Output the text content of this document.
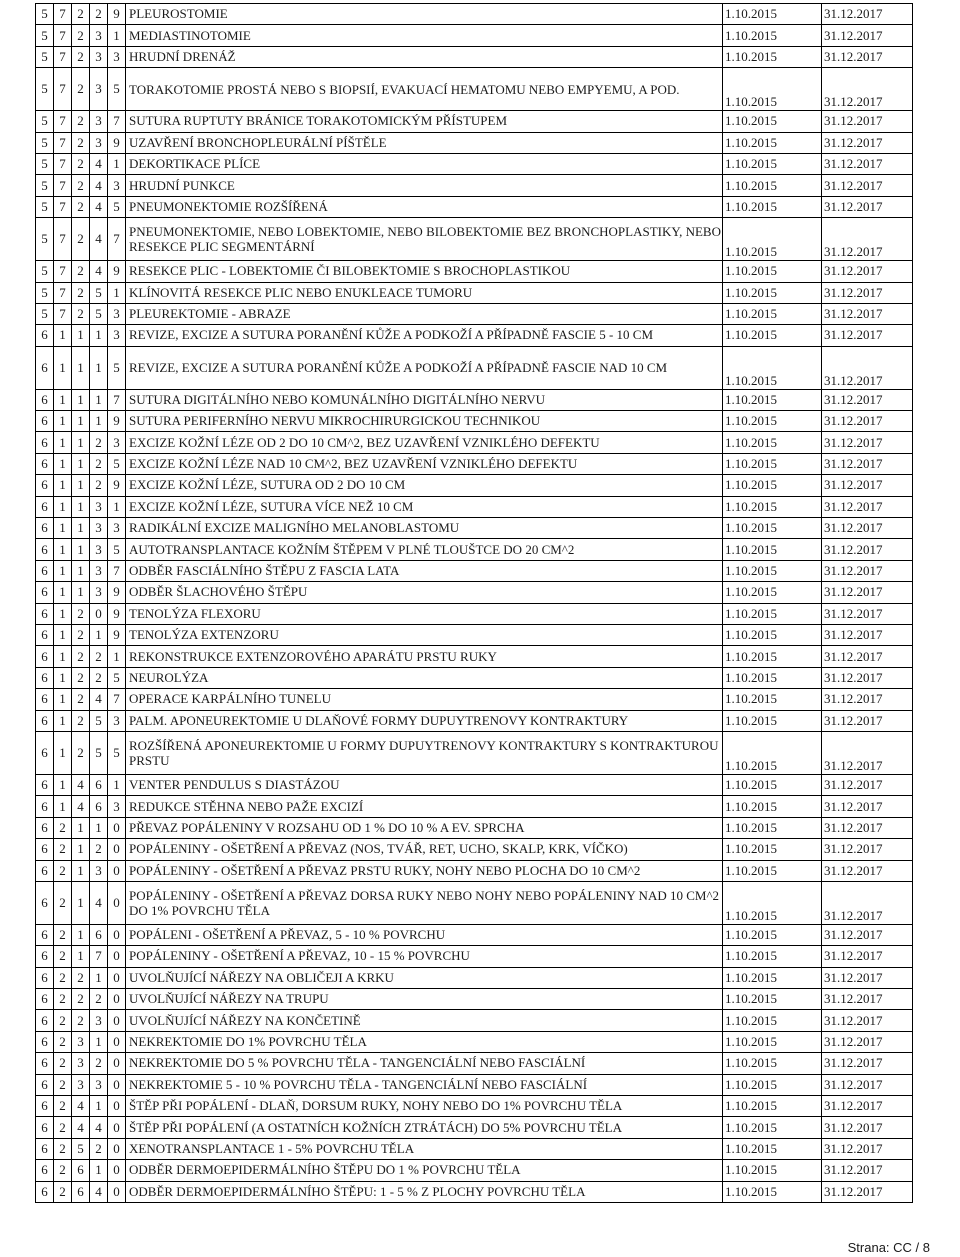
5	7	2	2	9	PLEUROSTOMIE	1.10.2015	31.12.2017
5	7	2	3	1	MEDIASTINOTOMIE	1.10.2015	31.12.2017
5	7	2	3	3	HRUDNÍ DRENÁŽ	1.10.2015	31.12.2017
5	7	2	3	5	TORAKOTOMIE PROSTÁ NEBO S BIOPSIÍ, EVAKUACÍ HEMATOMU NEBO EMPYEMU, A POD.	1.10.2015	31.12.2017
5	7	2	3	7	SUTURA RUPTUTY BRÁNICE TORAKOTOMICKÝM PŘÍSTUPEM	1.10.2015	31.12.2017
5	7	2	3	9	UZAVŘENÍ BRONCHOPLEURÁLNÍ PÍŠTĚLE	1.10.2015	31.12.2017
5	7	2	4	1	DEKORTIKACE PLÍCE	1.10.2015	31.12.2017
5	7	2	4	3	HRUDNÍ PUNKCE	1.10.2015	31.12.2017
5	7	2	4	5	PNEUMONEKTOMIE ROZŠÍŘENÁ	1.10.2015	31.12.2017
5	7	2	4	7	PNEUMONEKTOMIE, NEBO LOBEKTOMIE, NEBO BILOBEKTOMIE BEZ BRONCHOPLASTIKY, NEBO RESEKCE PLIC SEGMENTÁRNÍ	1.10.2015	31.12.2017
5	7	2	4	9	RESEKCE PLIC - LOBEKTOMIE ČI BILOBEKTOMIE S BROCHOPLASTIKOU	1.10.2015	31.12.2017
5	7	2	5	1	KLÍNOVITÁ RESEKCE PLIC NEBO ENUKLEACE TUMORU	1.10.2015	31.12.2017
5	7	2	5	3	PLEUREKTOMIE - ABRAZE	1.10.2015	31.12.2017
6	1	1	1	3	REVIZE, EXCIZE A SUTURA PORANĚNÍ KŮŽE A PODKOŽÍ A PŘÍPADNĚ FASCIE 5 - 10 CM	1.10.2015	31.12.2017
6	1	1	1	5	REVIZE, EXCIZE A SUTURA PORANĚNÍ KŮŽE A PODKOŽÍ A PŘÍPADNĚ FASCIE NAD 10 CM	1.10.2015	31.12.2017
6	1	1	1	7	SUTURA DIGITÁLNÍHO NEBO KOMUNÁLNÍHO DIGITÁLNÍHO NERVU	1.10.2015	31.12.2017
6	1	1	1	9	SUTURA PERIFERNÍHO NERVU MIKROCHIRURGICKOU TECHNIKOU	1.10.2015	31.12.2017
6	1	1	2	3	EXCIZE KOŽNÍ LÉZE OD 2 DO 10 CM^2, BEZ UZAVŘENÍ VZNIKLÉHO DEFEKTU	1.10.2015	31.12.2017
6	1	1	2	5	EXCIZE KOŽNÍ LÉZE NAD 10 CM^2, BEZ UZAVŘENÍ VZNIKLÉHO DEFEKTU	1.10.2015	31.12.2017
6	1	1	2	9	EXCIZE KOŽNÍ LÉZE, SUTURA OD 2 DO 10 CM	1.10.2015	31.12.2017
6	1	1	3	1	EXCIZE KOŽNÍ LÉZE, SUTURA VÍCE NEŽ 10 CM	1.10.2015	31.12.2017
6	1	1	3	3	RADIKÁLNÍ EXCIZE MALIGNÍHO MELANOBLASTOMU	1.10.2015	31.12.2017
6	1	1	3	5	AUTOTRANSPLANTACE KOŽNÍM ŠTĚPEM V PLNÉ TLOUŠTCE DO 20 CM^2	1.10.2015	31.12.2017
6	1	1	3	7	ODBĚR FASCIÁLNÍHO ŠTĚPU Z FASCIA LATA	1.10.2015	31.12.2017
6	1	1	3	9	ODBĚR ŠLACHOVÉHO ŠTĚPU	1.10.2015	31.12.2017
6	1	2	0	9	TENOLÝZA FLEXORU	1.10.2015	31.12.2017
6	1	2	1	9	TENOLÝZA EXTENZORU	1.10.2015	31.12.2017
6	1	2	2	1	REKONSTRUKCE EXTENZOROVÉHO APARÁTU PRSTU RUKY	1.10.2015	31.12.2017
6	1	2	2	5	NEUROLÝZA	1.10.2015	31.12.2017
6	1	2	4	7	OPERACE KARPÁLNÍHO TUNELU	1.10.2015	31.12.2017
6	1	2	5	3	PALM. APONEUREKTOMIE U DLAŇOVÉ FORMY DUPUYTRENOVY KONTRAKTURY	1.10.2015	31.12.2017
6	1	2	5	5	ROZŠÍŘENÁ APONEUREKTOMIE U FORMY DUPUYTRENOVY KONTRAKTURY S KONTRAKTUROU PRSTU	1.10.2015	31.12.2017
6	1	4	6	1	VENTER PENDULUS S DIASTÁZOU	1.10.2015	31.12.2017
6	1	4	6	3	REDUKCE STĚHNA NEBO PAŽE EXCIZÍ	1.10.2015	31.12.2017
6	2	1	1	0	PŘEVAZ POPÁLENINY V ROZSAHU OD 1 % DO 10 % A EV. SPRCHA	1.10.2015	31.12.2017
6	2	1	2	0	POPÁLENINY - OŠETŘENÍ A PŘEVAZ (NOS, TVÁŘ, RET, UCHO, SKALP, KRK, VÍČKO)	1.10.2015	31.12.2017
6	2	1	3	0	POPÁLENINY - OŠETŘENÍ A PŘEVAZ PRSTU RUKY, NOHY NEBO PLOCHA DO 10 CM^2	1.10.2015	31.12.2017
6	2	1	4	0	POPÁLENINY - OŠETŘENÍ A PŘEVAZ DORSA RUKY NEBO NOHY NEBO POPÁLENINY NAD 10 CM^2 DO 1% POVRCHU TĚLA	1.10.2015	31.12.2017
6	2	1	6	0	POPÁLENI - OŠETŘENÍ A PŘEVAZ, 5 - 10 % POVRCHU	1.10.2015	31.12.2017
6	2	1	7	0	POPÁLENINY - OŠETŘENÍ A PŘEVAZ, 10 - 15 % POVRCHU	1.10.2015	31.12.2017
6	2	2	1	0	UVOLŇUJÍCÍ NÁŘEZY NA OBLIČEJI A KRKU	1.10.2015	31.12.2017
6	2	2	2	0	UVOLŇUJÍCÍ NÁŘEZY NA TRUPU	1.10.2015	31.12.2017
6	2	2	3	0	UVOLŇUJÍCÍ NÁŘEZY NA KONČETINĚ	1.10.2015	31.12.2017
6	2	3	1	0	NEKREKTOMIE DO 1% POVRCHU TĚLA	1.10.2015	31.12.2017
6	2	3	2	0	NEKREKTOMIE DO 5 % POVRCHU TĚLA - TANGENCIÁLNÍ NEBO FASCIÁLNÍ	1.10.2015	31.12.2017
6	2	3	3	0	NEKREKTOMIE 5 - 10 % POVRCHU TĚLA - TANGENCIÁLNÍ NEBO FASCIÁLNÍ	1.10.2015	31.12.2017
6	2	4	1	0	ŠTĚP PŘI POPÁLENÍ - DLAŇ, DORSUM RUKY, NOHY NEBO DO 1% POVRCHU TĚLA	1.10.2015	31.12.2017
6	2	4	4	0	ŠTĚP PŘI POPÁLENÍ (A OSTATNÍCH KOŽNÍCH ZTRÁTÁCH) DO 5% POVRCHU TĚLA	1.10.2015	31.12.2017
6	2	5	2	0	XENOTRANSPLANTACE 1 - 5% POVRCHU TĚLA	1.10.2015	31.12.2017
6	2	6	1	0	ODBĚR DERMOEPIDERMÁLNÍHO ŠTĚPU DO 1 % POVRCHU TĚLA	1.10.2015	31.12.2017
6	2	6	4	0	ODBĚR DERMOEPIDERMÁLNÍHO ŠTĚPU: 1 - 5 % Z PLOCHY POVRCHU TĚLA	1.10.2015	31.12.2017
Strana: CC / 8
